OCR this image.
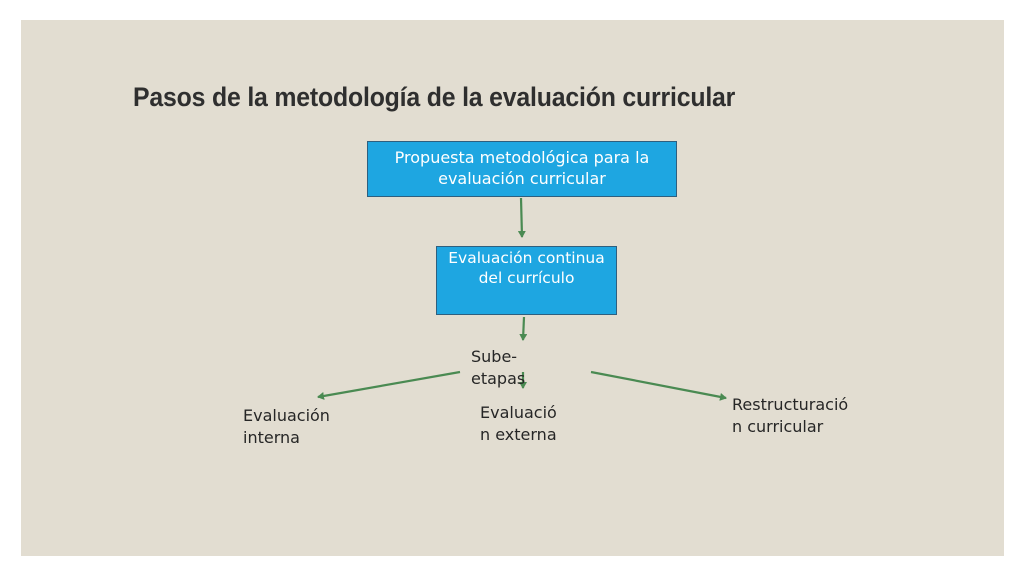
Pasos de la metodología de la evaluación curricular
Propuesta metodológica para la evaluación curricular
Evaluación continua del currículo
Sube-
etapas
Evaluación
interna
Evaluació
n externa
Restructuració
n curricular
